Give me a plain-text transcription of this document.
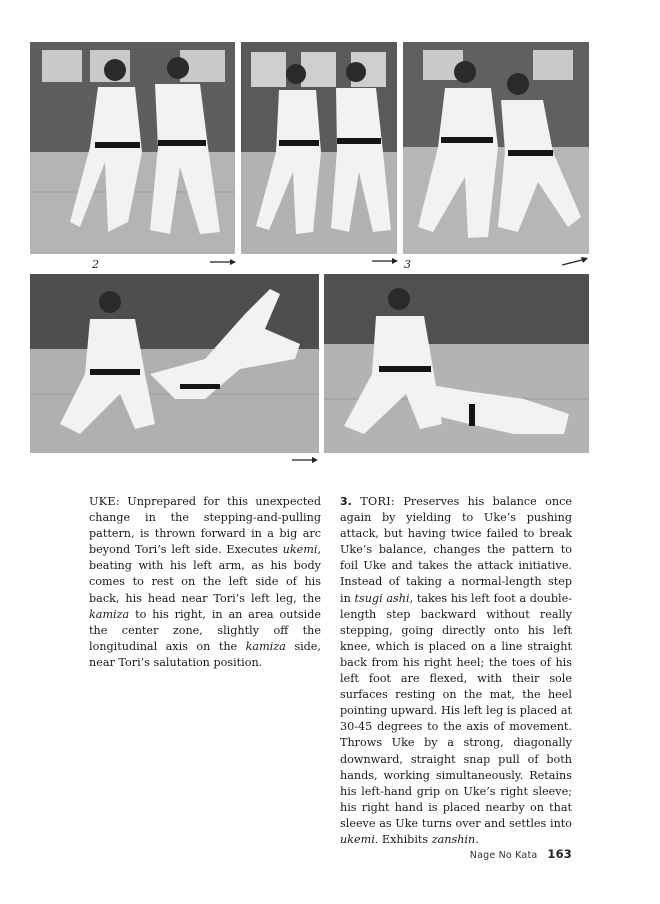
2	3
UKE: Unprepared for this unexpected change in the stepping-and-pulling pattern, is thrown forward in a big arc beyond Tori’s left side. Executes ukemi, beating with his left arm, as his body comes to rest on the left side of his back, his head near Tori’s left leg, the kamiza to his right, in an area outside the center zone, slightly off the longitudinal axis on the kamiza side, near Tori’s salutation position.
3. TORI: Preserves his balance once again by yielding to Uke’s pushing attack, but having twice failed to break Uke’s balance, changes the pattern to foil Uke and takes the attack initiative. Instead of taking a normal-length step in tsugi ashi, takes his left foot a double-length step backward without really stepping, going directly onto his left knee, which is placed on a line straight back from his right heel; the toes of his left foot are flexed, with their sole surfaces resting on the mat, the heel pointing upward. His left leg is placed at 30-45 degrees to the axis of movement. Throws Uke by a strong, diagonally downward, straight snap pull of both hands, working simultaneously. Retains his left-hand grip on Uke’s right sleeve; his right hand is placed nearby on that sleeve as Uke turns over and settles into ukemi. Exhibits zanshin.
Nage No Kata 163
